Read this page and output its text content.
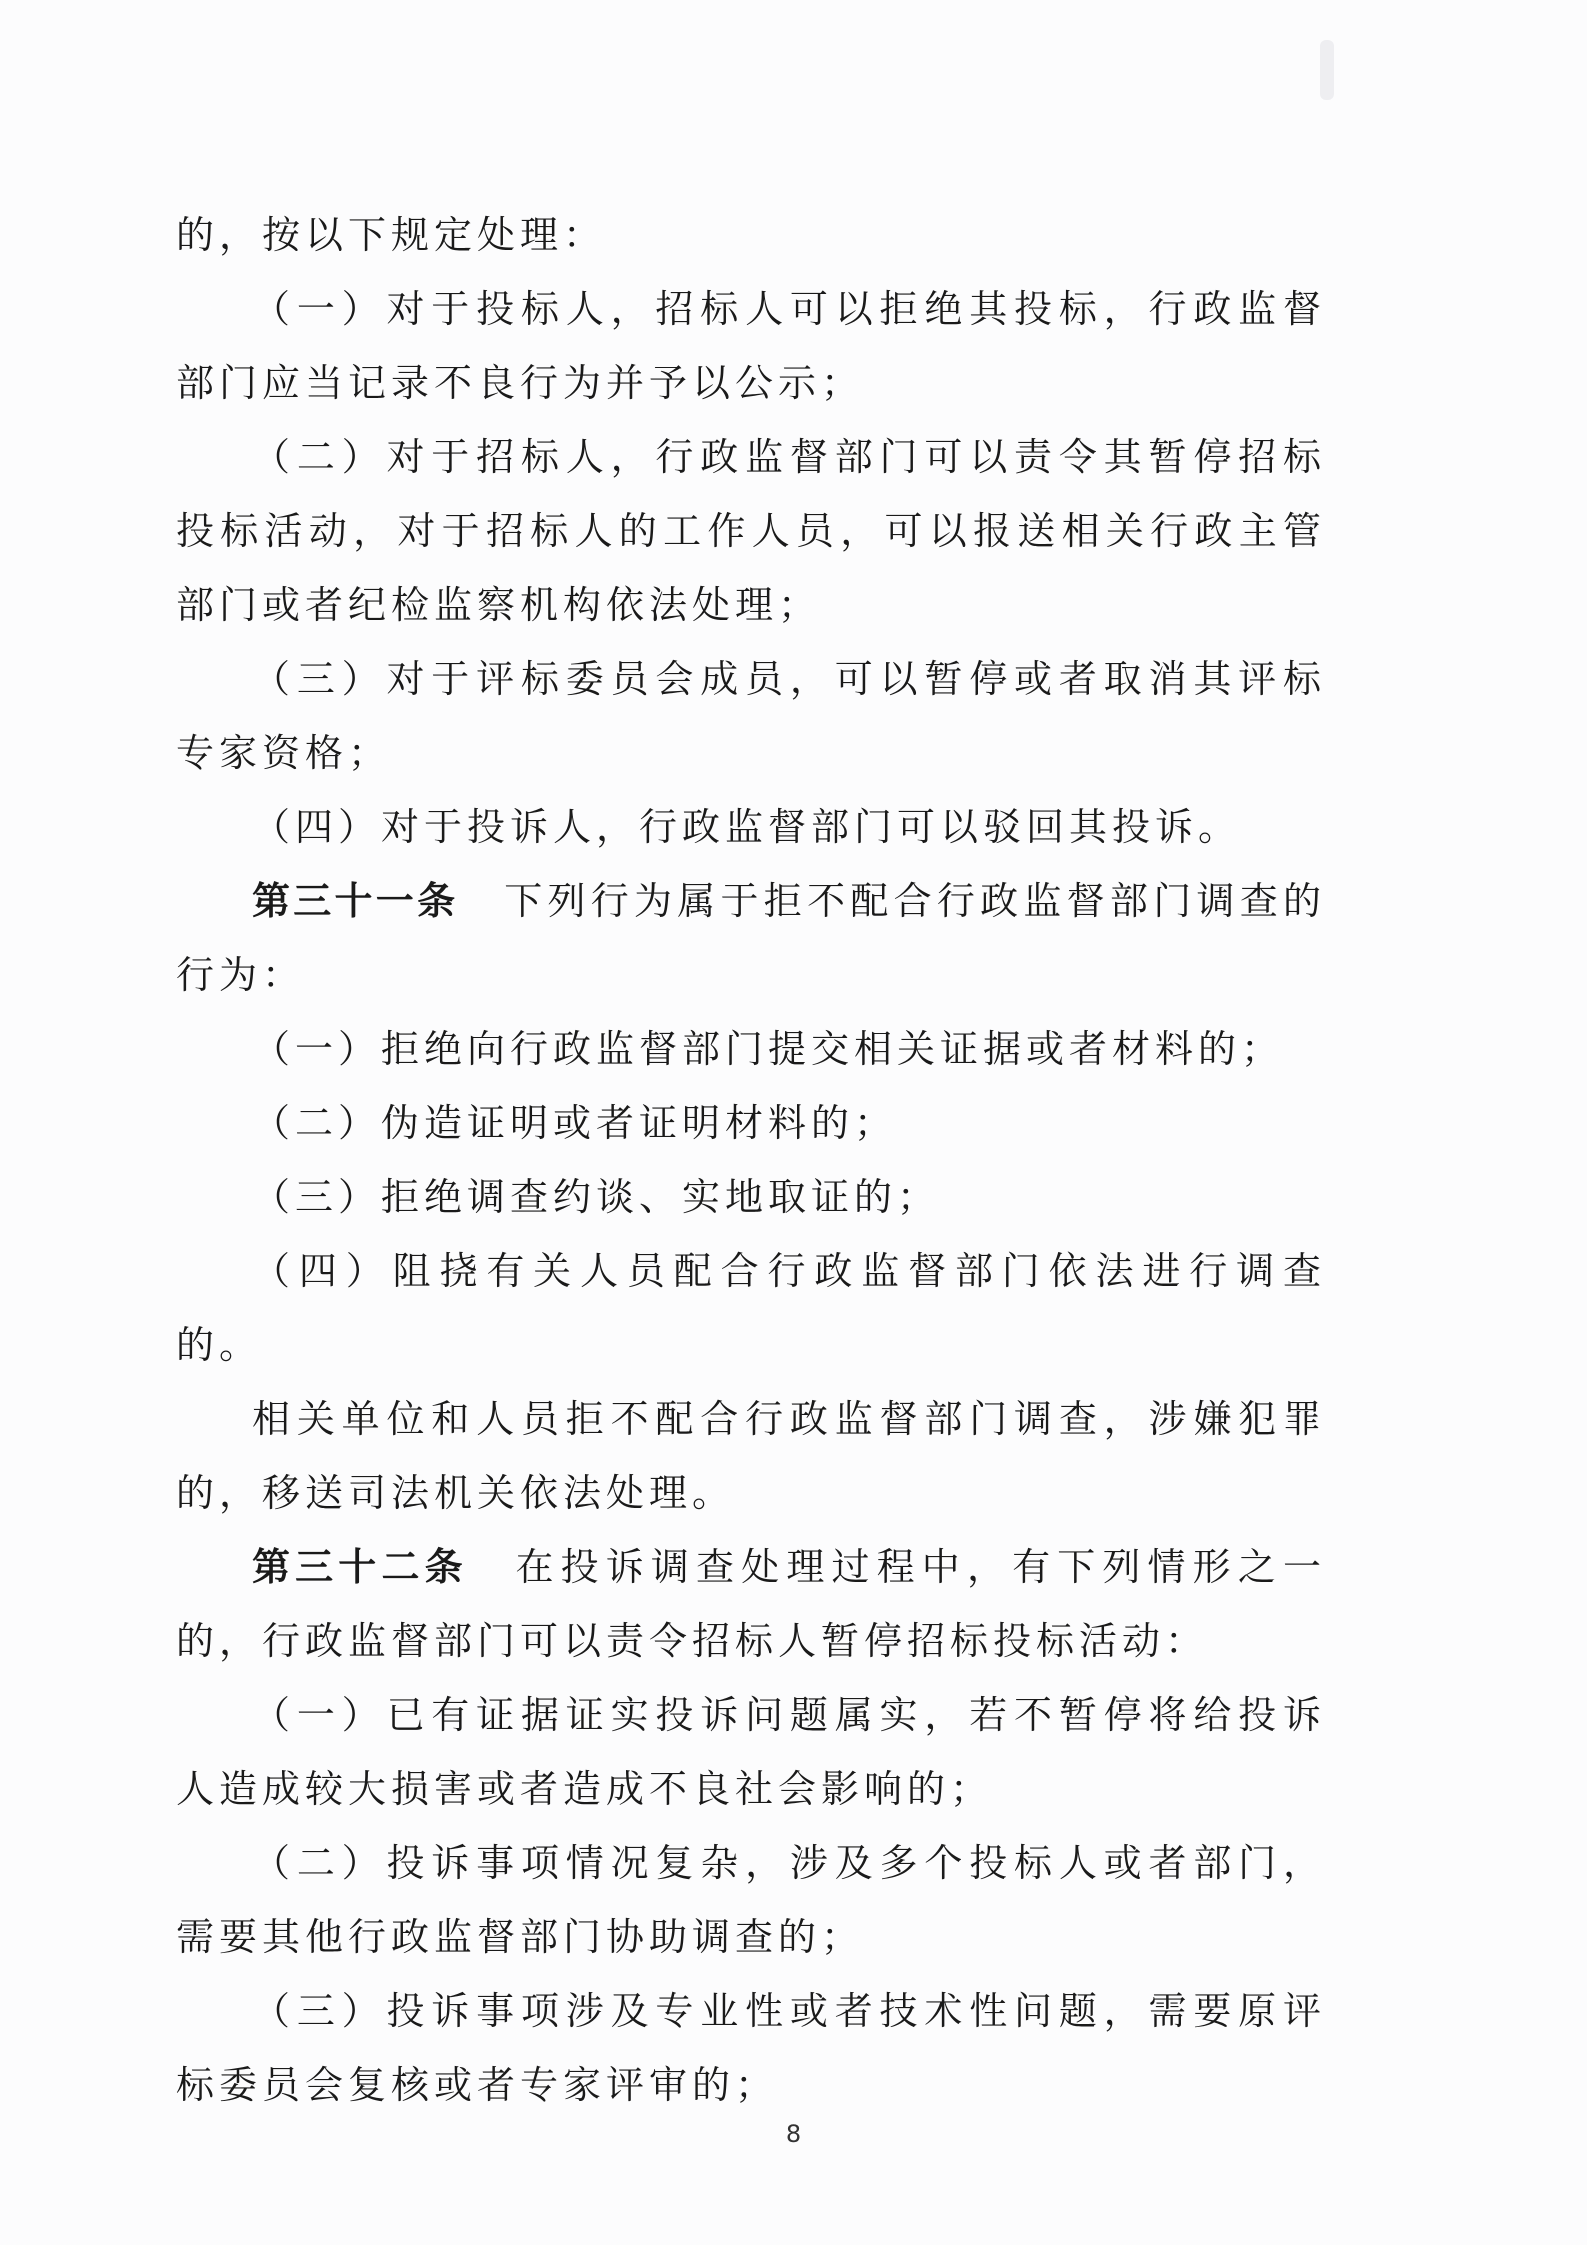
的，按以下规定处理：

（一）对于投标人，招标人可以拒绝其投标，行政监督部门应当记录不良行为并予以公示；

（二）对于招标人，行政监督部门可以责令其暂停招标投标活动，对于招标人的工作人员，可以报送相关行政主管部门或者纪检监察机构依法处理；

（三）对于评标委员会成员，可以暂停或者取消其评标专家资格；

（四）对于投诉人，行政监督部门可以驳回其投诉。

第三十一条 下列行为属于拒不配合行政监督部门调查的行为：

（一）拒绝向行政监督部门提交相关证据或者材料的；

（二）伪造证明或者证明材料的；

（三）拒绝调查约谈、实地取证的；

（四）阻挠有关人员配合行政监督部门依法进行调查的。

相关单位和人员拒不配合行政监督部门调查，涉嫌犯罪的，移送司法机关依法处理。

第三十二条 在投诉调查处理过程中，有下列情形之一的，行政监督部门可以责令招标人暂停招标投标活动：

（一）已有证据证实投诉问题属实，若不暂停将给投诉人造成较大损害或者造成不良社会影响的；

（二）投诉事项情况复杂，涉及多个投标人或者部门，需要其他行政监督部门协助调查的；

（三）投诉事项涉及专业性或者技术性问题，需要原评标委员会复核或者专家评审的；

8
